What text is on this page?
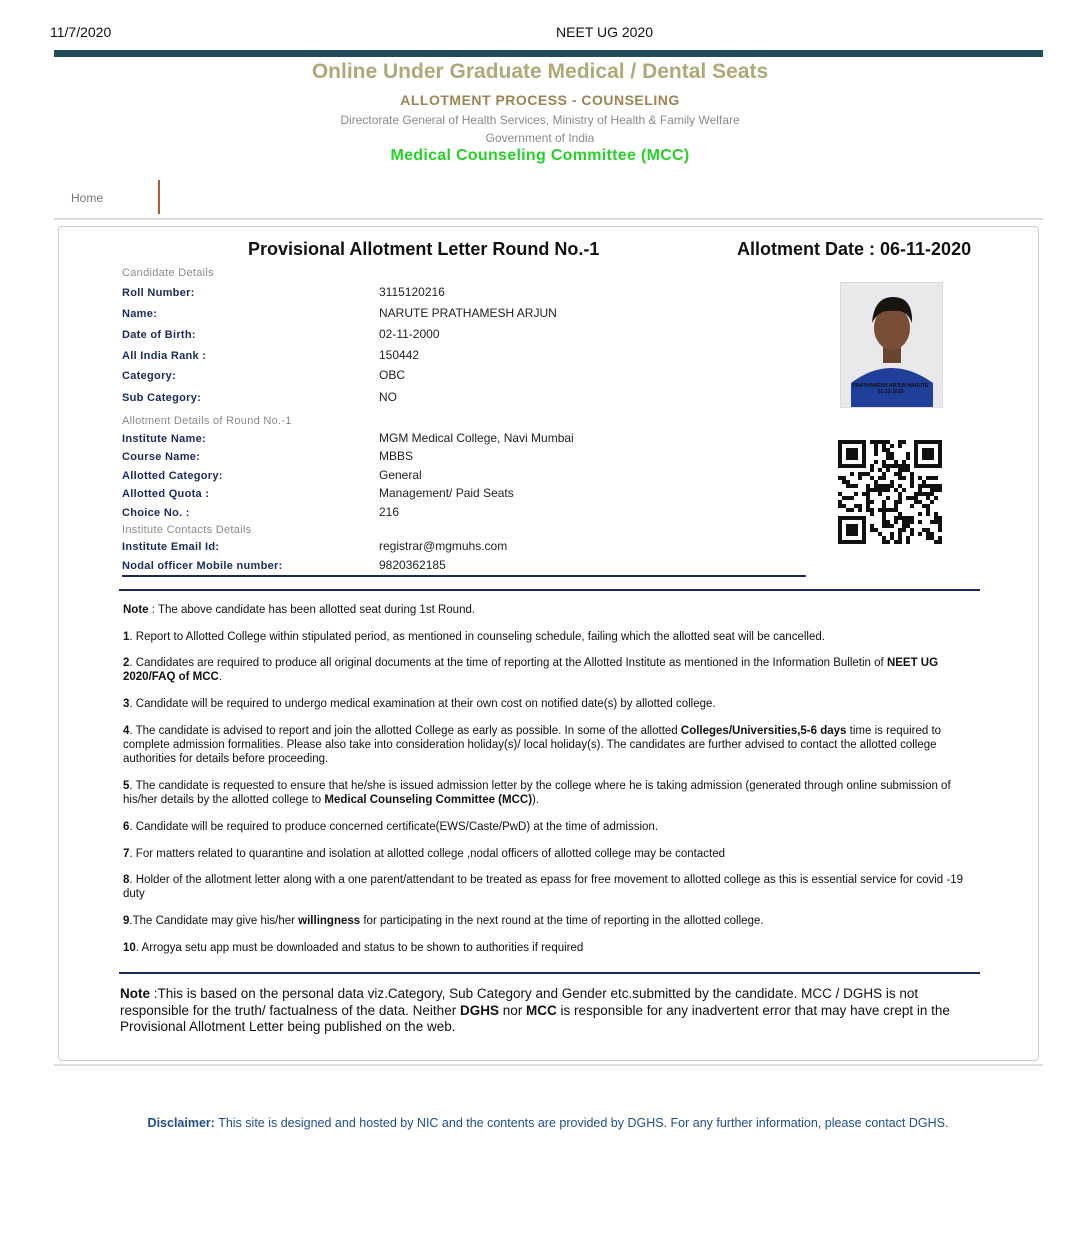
11/7/2020	NEET UG 2020
Online Under Graduate Medical / Dental Seats
ALLOTMENT PROCESS - COUNSELING
Directorate General of Health Services, Ministry of Health & Family Welfare
Government of India
Medical Counseling Committee (MCC)
Home
Provisional Allotment Letter Round No.-1	Allotment Date : 06-11-2020
Candidate Details
Roll Number:	3115120216
Name:	NARUTE PRATHAMESH ARJUN
Date of Birth:	02-11-2000
All India Rank :	150442
Category:	OBC
Sub Category:	NO
PRATHAMESH ARJUN NARUTE
01-12-2019
Allotment Details of Round No.-1
Institute Name:	MGM Medical College, Navi Mumbai
Course Name:	MBBS
Allotted Category:	General
Allotted Quota :	Management/ Paid Seats
Choice No. :	216
Institute Contacts Details
Institute Email Id:	registrar@mgmuhs.com
Nodal officer Mobile number:	9820362185
Note : The above candidate has been allotted seat during 1st Round.
1. Report to Allotted College within stipulated period, as mentioned in counseling schedule, failing which the allotted seat will be cancelled.
2. Candidates are required to produce all original documents at the time of reporting at the Allotted Institute as mentioned in the Information Bulletin of NEET UG 2020/FAQ of MCC.
3. Candidate will be required to undergo medical examination at their own cost on notified date(s) by allotted college.
4. The candidate is advised to report and join the allotted College as early as possible. In some of the allotted Colleges/Universities,5-6 days time is required to complete admission formalities. Please also take into consideration holiday(s)/ local holiday(s). The candidates are further advised to contact the allotted college authorities for details before proceeding.
5. The candidate is requested to ensure that he/she is issued admission letter by the college where he is taking admission (generated through online submission of his/her details by the allotted college to Medical Counseling Committee (MCC)).
6. Candidate will be required to produce concerned certificate(EWS/Caste/PwD) at the time of admission.
7. For matters related to quarantine and isolation at allotted college ,nodal officers of allotted college may be contacted
8. Holder of the allotment letter along with a one parent/attendant to be treated as epass for free movement to allotted college as this is essential service for covid -19 duty
9.The Candidate may give his/her willingness for participating in the next round at the time of reporting in the allotted college.
10. Arrogya setu app must be downloaded and status to be shown to authorities if required
Note :This is based on the personal data viz.Category, Sub Category and Gender etc.submitted by the candidate. MCC / DGHS is not responsible for the truth/ factualness of the data. Neither DGHS nor MCC is responsible for any inadvertent error that may have crept in the Provisional Allotment Letter being published on the web.
Disclaimer: This site is designed and hosted by NIC and the contents are provided by DGHS. For any further information, please contact DGHS.
